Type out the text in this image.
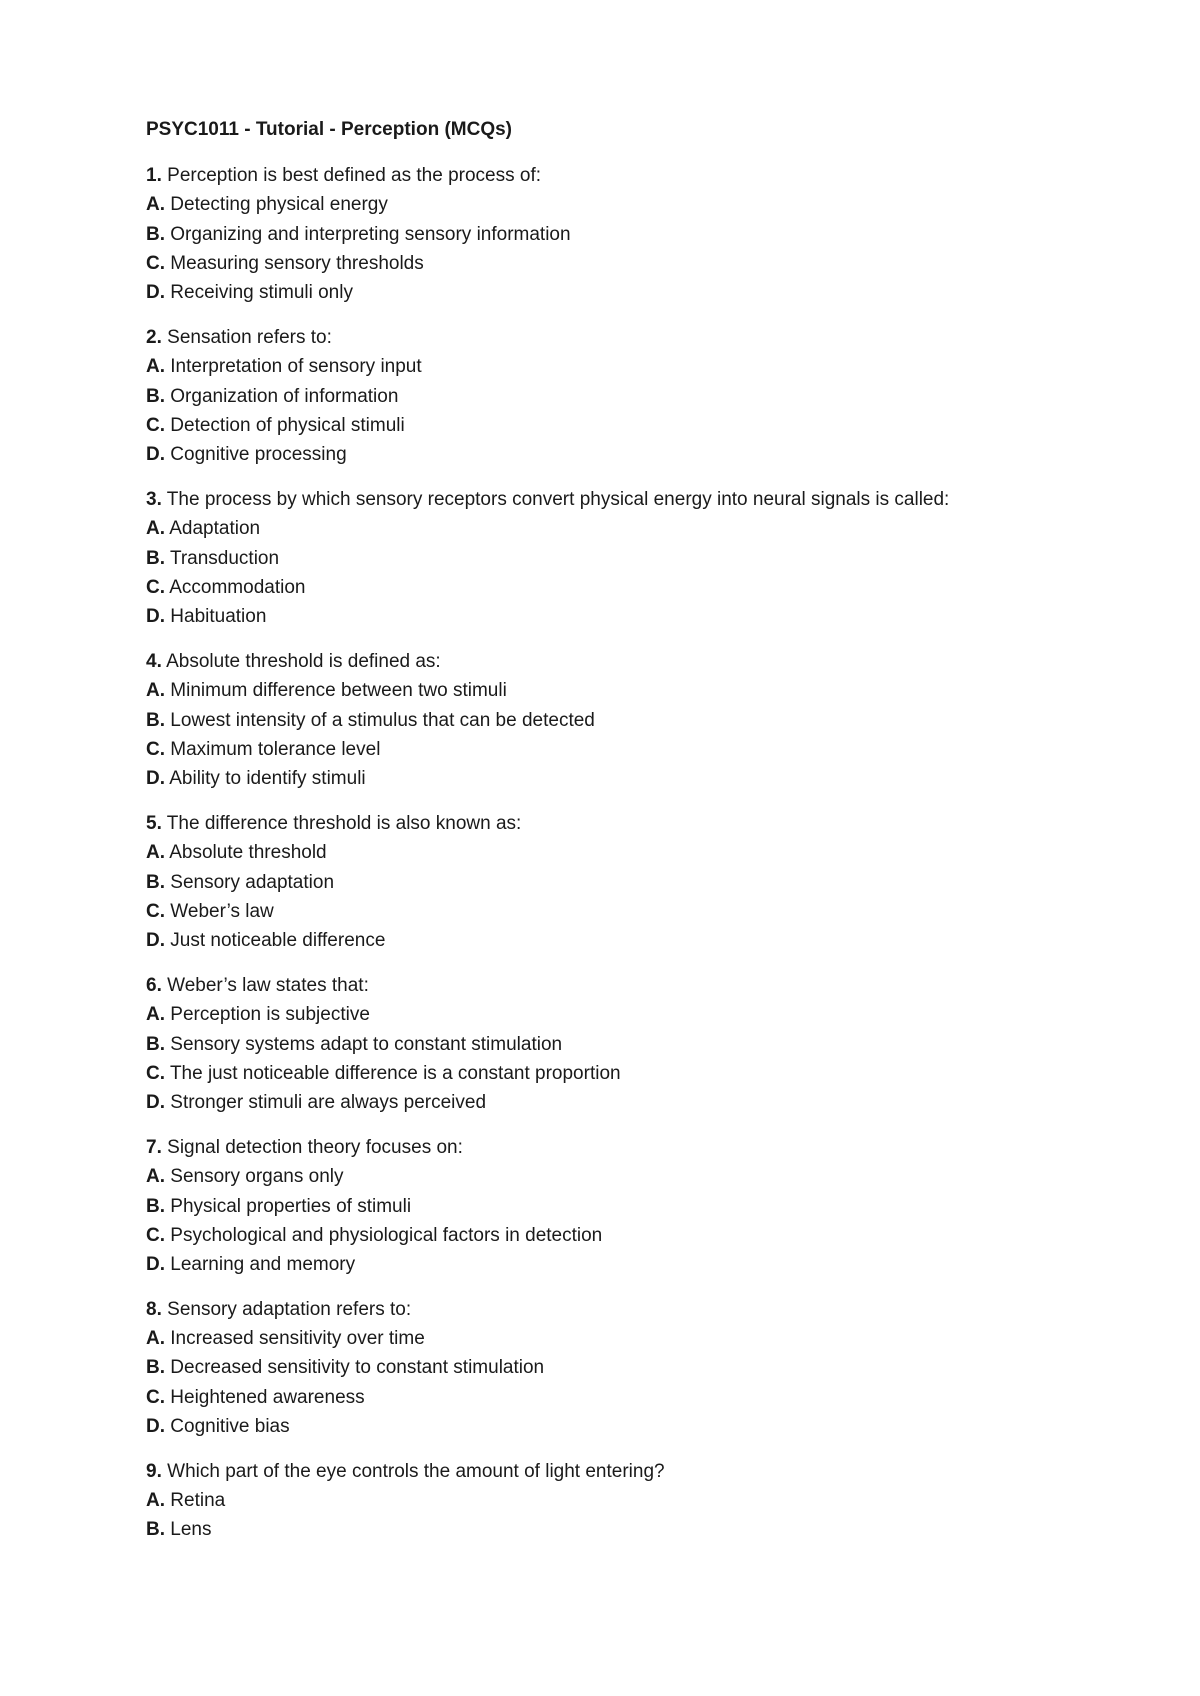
PSYC1011 - Tutorial - Perception (MCQs)
1. Perception is best defined as the process of:
A. Detecting physical energy
B. Organizing and interpreting sensory information
C. Measuring sensory thresholds
D. Receiving stimuli only
2. Sensation refers to:
A. Interpretation of sensory input
B. Organization of information
C. Detection of physical stimuli
D. Cognitive processing
3. The process by which sensory receptors convert physical energy into neural signals is called:
A. Adaptation
B. Transduction
C. Accommodation
D. Habituation
4. Absolute threshold is defined as:
A. Minimum difference between two stimuli
B. Lowest intensity of a stimulus that can be detected
C. Maximum tolerance level
D. Ability to identify stimuli
5. The difference threshold is also known as:
A. Absolute threshold
B. Sensory adaptation
C. Weber’s law
D. Just noticeable difference
6. Weber’s law states that:
A. Perception is subjective
B. Sensory systems adapt to constant stimulation
C. The just noticeable difference is a constant proportion
D. Stronger stimuli are always perceived
7. Signal detection theory focuses on:
A. Sensory organs only
B. Physical properties of stimuli
C. Psychological and physiological factors in detection
D. Learning and memory
8. Sensory adaptation refers to:
A. Increased sensitivity over time
B. Decreased sensitivity to constant stimulation
C. Heightened awareness
D. Cognitive bias
9. Which part of the eye controls the amount of light entering?
A. Retina
B. Lens
